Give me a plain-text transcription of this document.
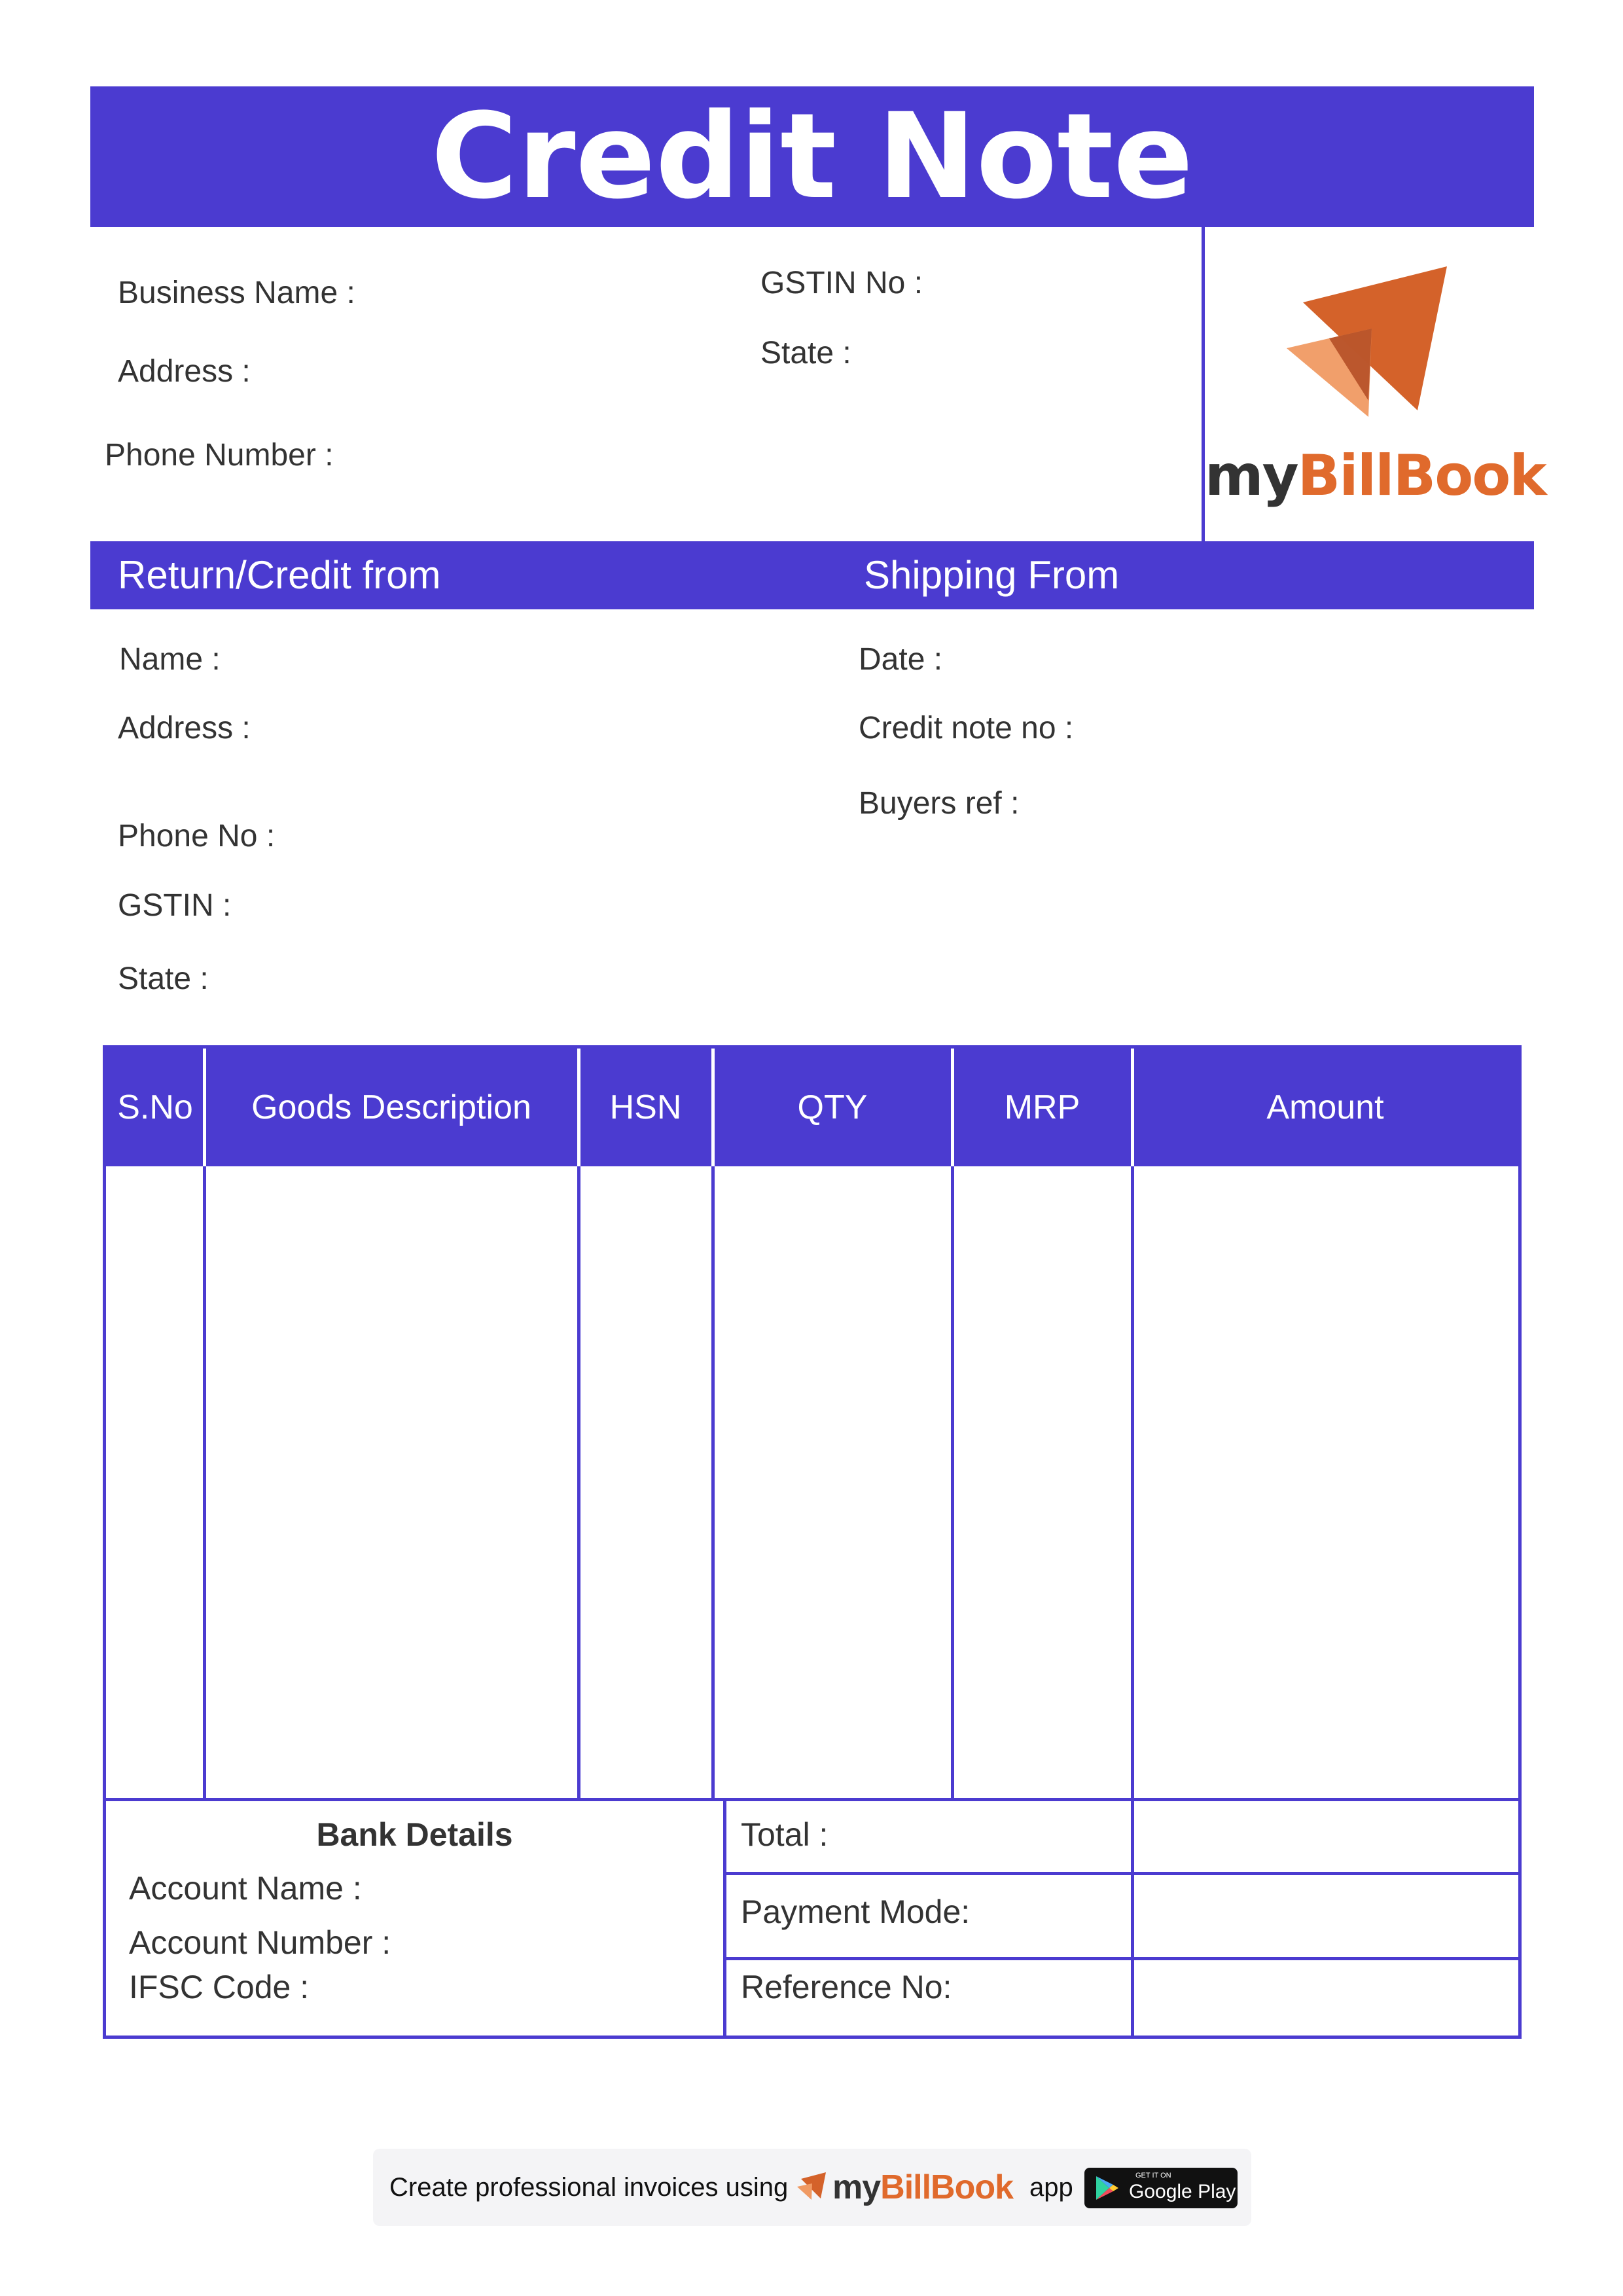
Credit Note
Business Name :
Address :
Phone Number :
GSTIN No :
State :
myBillBook
Return/Credit from	Shipping From
Name :
Address :
Phone No :
GSTIN :
State :
Date :
Credit note no :
Buyers ref :
S.No	Goods Description	HSN	QTY	MRP	Amount
Bank Details
Account Name :
Account Number :
IFSC Code :
Total :
Payment Mode:
Reference No:
Create professional invoices using myBillBook app	GET IT ON
Google Play
